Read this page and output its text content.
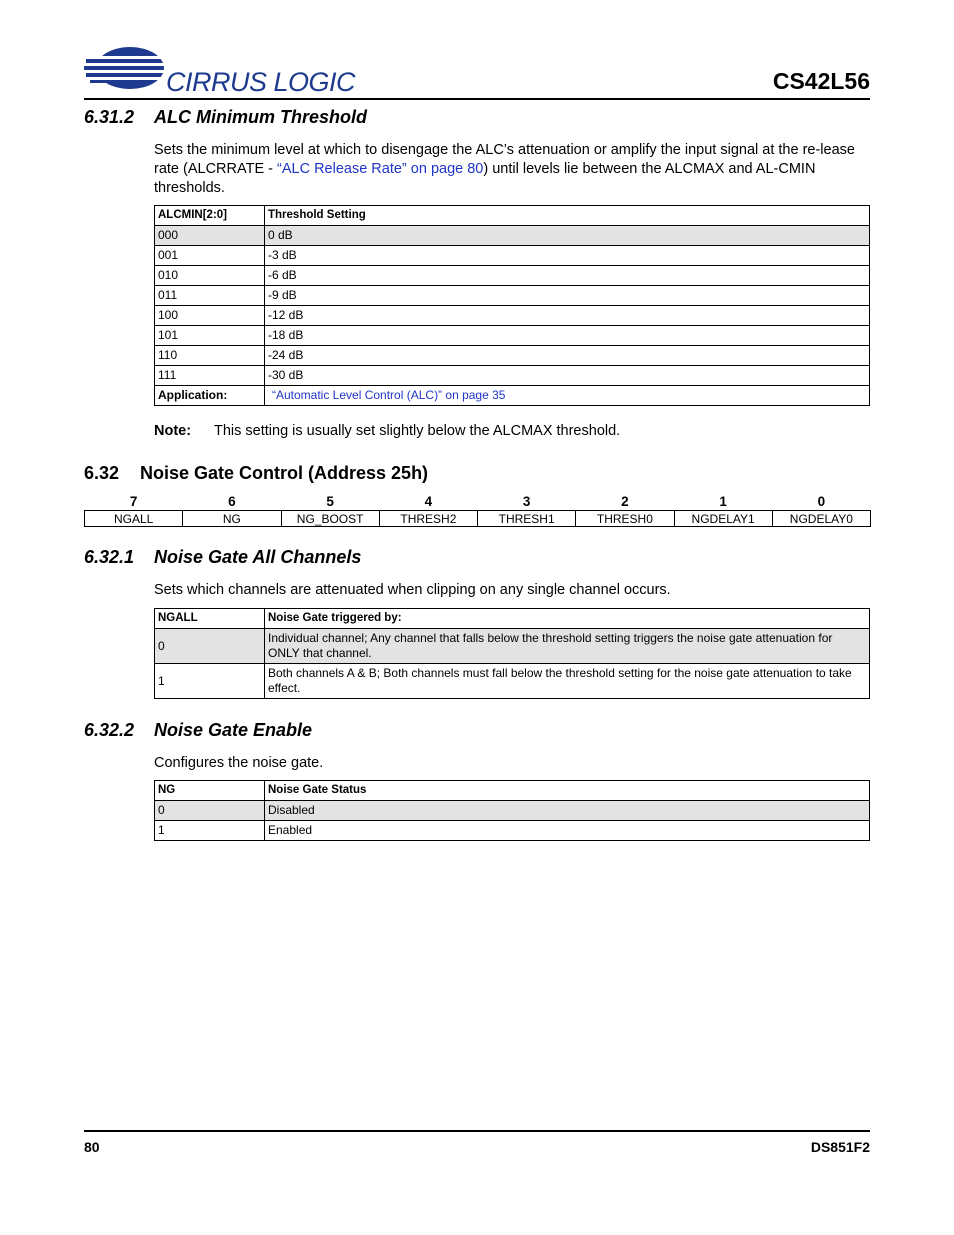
CIRRUS LOGIC	CS42L56
6.31.2 ALC Minimum Threshold

Sets the minimum level at which to disengage the ALC’s attenuation or amplify the input signal at the re-lease rate (ALCRRATE - “ALC Release Rate” on page 80) until levels lie between the ALCMAX and AL-CMIN thresholds.

ALCMIN[2:0]	Threshold Setting
000	0 dB
001	-3 dB
010	-6 dB
011	-9 dB
100	-12 dB
101	-18 dB
110	-24 dB
111	-30 dB
Application:	“Automatic Level Control (ALC)” on page 35
Note: This setting is usually set slightly below the ALCMAX threshold.
6.32 Noise Gate Control (Address 25h)
7	6	5	4	3	2	1	0
NGALL	NG	NG_BOOST	THRESH2	THRESH1	THRESH0	NGDELAY1	NGDELAY0
6.32.1 Noise Gate All Channels

Sets which channels are attenuated when clipping on any single channel occurs.

NGALL	Noise Gate triggered by:
0	Individual channel; Any channel that falls below the threshold setting triggers the noise gate attenuation for ONLY that channel.
1	Both channels A & B; Both channels must fall below the threshold setting for the noise gate attenuation to take effect.
6.32.2 Noise Gate Enable

Configures the noise gate.

NG	Noise Gate Status
0	Disabled
1	Enabled
80	DS851F2
